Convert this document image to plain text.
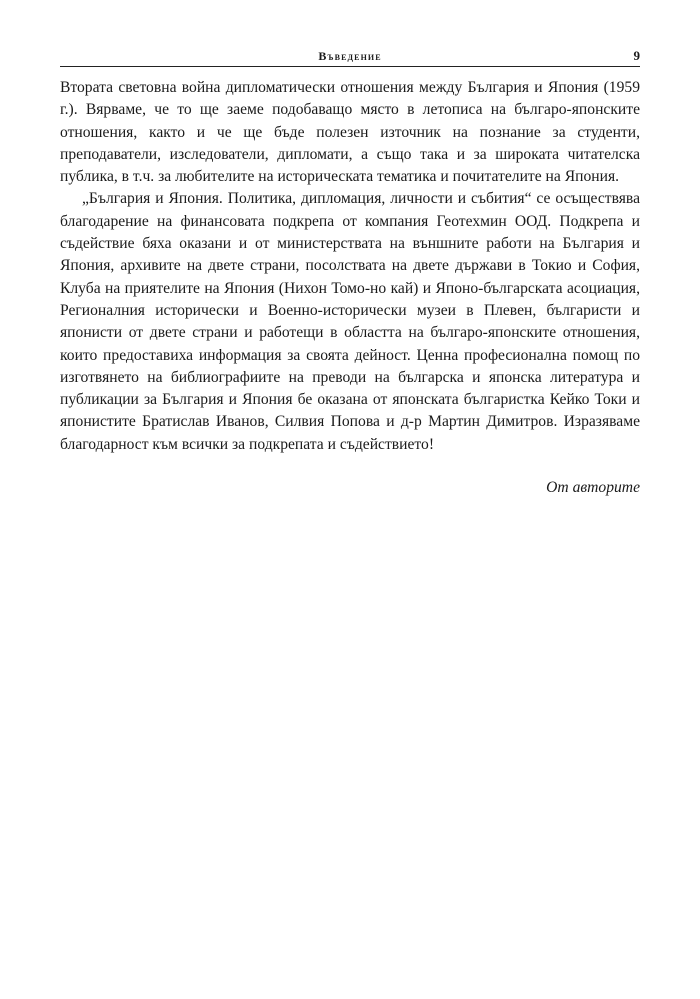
Въведение	9

Втората световна война дипломатически отношения между България и Япония (1959 г.). Вярваме, че то ще заеме подобаващо място в летописа на българо-японските отношения, както и че ще бъде полезен източник на познание за студенти, преподаватели, изследователи, дипломати, а също така и за широката читателска публика, в т.ч. за любителите на историческата тематика и почитателите на Япония.

„България и Япония. Политика, дипломация, личности и събития“ се осъществява благодарение на финансовата подкрепа от компания Геотехмин ООД. Подкрепа и съдействие бяха оказани и от министерствата на външните работи на България и Япония, архивите на двете страни, посолствата на двете държави в Токио и София, Клуба на приятелите на Япония (Нихон Томо-но кай) и Японо-българската асоциация, Регионалния исторически и Военно-исторически музеи в Плевен, българисти и японисти от двете страни и работещи в областта на българо-японските отношения, които предоставиха информация за своята дейност. Ценна професионална помощ по изготвянето на библиографиите на преводи на българска и японска литература и публикации за България и Япония бе оказана от японската българистка Кейко Токи и японистите Братислав Иванов, Силвия Попова и д-р Мартин Димитров. Изразяваме благодарност към всички за подкрепата и съдействието!

От авторите
